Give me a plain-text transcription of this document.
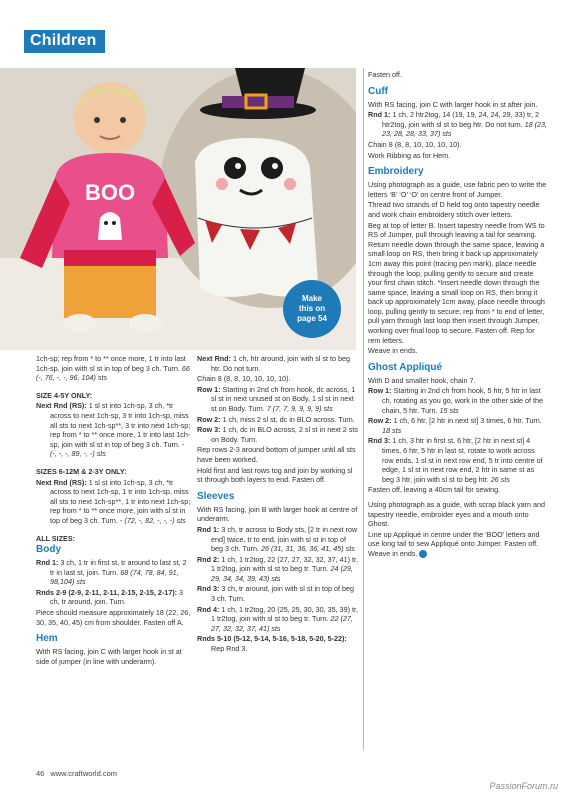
Children
BOO
Make
this on
page 54

1ch-sp; rep from * to ** once more, 1 tr into last 1ch-sp, join with sl st in top of beg 3 ch. Turn. 66 (-, 76, -, -, 96, 104) sts

SIZE 4-5Y ONLY:

Next Rnd (RS): 1 sl st into 1ch-sp, 3 ch, *tr across to next 1ch-sp, 3 tr into 1ch-sp, miss all sts to next 1ch-sp**, 3 tr into next 1ch-sp; rep from * to ** once more, 1 tr into last 1ch-sp, join with sl st in top of beg 3 ch. Turn. - (-, -, -, 89, -, -) sts

SIZES 6-12M & 2-3Y ONLY:

Next Rnd (RS): 1 sl st into 1ch-sp, 3 ch, *tr across to next 1ch-sp, 1 tr into 1ch-sp, miss all sts to next 1ch-sp**, 1 tr into next 1ch-sp; rep from * to ** once more, join with sl st in top of beg 3 ch. Turn. - (72, -, 82, -, -, -) sts

ALL SIZES:
Body

Rnd 1: 3 ch, 1 tr in first st, tr around to last st, 2 tr in last st, join. Turn. 68 (74, 78, 84, 91, 98,104) sts

Rnds 2-9 (2-9, 2-11, 2-11, 2-15, 2-15, 2-17): 3 ch, tr around, join. Turn.

Piece should measure approximately 18 (22, 26, 30, 35, 40, 45) cm from shoulder. Fasten off A.

Hem

With RS facing, join C with larger hook in st at side of jumper (in line with underarm).

Next Rnd: 1 ch, htr around, join with sl st to beg htr. Do not turn.

Chain 8 (8, 8, 10, 10, 10, 10).

Row 1: Starting in 2nd ch from hook, dc across, 1 sl st in next unused st on Body, 1 sl st in next st on Body. Turn. 7 (7, 7, 9, 9, 9, 9) sts

Row 2: 1 ch, miss 2 sl st, dc in BLO across. Turn.

Row 3: 1 ch, dc in BLO across, 2 sl st in next 2 sts on Body. Turn.

Rep rows 2-3 around bottom of jumper until all sts have been worked.

Hold first and last rows tog and join by working sl st through both layers to end. Fasten off.

Sleeves

With RS facing, join B with larger hook at centre of underarm.

Rnd 1: 3 ch, tr across to Body sts, [2 tr in next row end] twice, tr to end, join with sl st in top of beg 3 ch. Turn. 26 (31, 31, 36, 36, 41, 45) sts

Rnd 2: 1 ch, 1 tr2tog, 22 (27, 27, 32, 32, 37, 41) tr, 1 tr2tog, join with sl st to beg tr. Turn. 24 (29, 29, 34, 34, 39, 43) sts

Rnd 3: 3 ch, tr around, join with sl st in top of beg 3 ch. Turn.

Rnd 4: 1 ch, 1 tr2tog, 20 (25, 25, 30, 30, 35, 39) tr, 1 tr2tog, join with sl st to beg tr. Turn. 22 (27, 27, 32, 32, 37, 41) sts

Rnds 5-10 (5-12, 5-14, 5-16, 5-18, 5-20, 5-22): Rep Rnd 3.

Fasten off.

Cuff

With RS facing, join C with larger hook in st after join.

Rnd 1: 1 ch, 2 htr2tog, 14 (19, 19, 24, 24, 29, 33) tr, 2 htr2tog, join with sl st to beg htr. Do not turn. 18 (23, 23, 28, 28, 33, 37) sts

Chain 8 (8, 8, 10, 10, 10, 10).

Work Ribbing as for Hem.

Embroidery

Using photograph as a guide, use fabric pen to write the letters ‘B’ ‘O’ ‘O’ on centre front of Jumper.

Thread two strands of D held tog onto tapestry needle and work chain embroidery stitch over letters.

Beg at top of letter B. Insert tapestry needle from WS to RS of Jumper, pull through leaving a tail for seaming. Return needle down through the same space, leaving a small loop on RS, then bring it back up approximately 1cm away this point (tracing pen mark), place needle through the loop, pulling gently to secure and create your first chain stitch. *Insert needle down through the same space, leaving a small loop on RS, then bring it back up approximately 1cm away, place needle through loop, pulling gently to secure; rep from * to end of letter, pull yarn through last loop then insert through Jumper, working over final loop to secure. Fasten off. Rep for rem letters.

Weave in ends.

Ghost Appliqué

With D and smaller hook, chain 7.

Row 1: Starting in 2nd ch from hook, 5 htr, 5 htr in last ch, rotating as you go, work in the other side of the chain, 5 htr. Turn. 15 sts

Row 2: 1 ch, 6 htr, [2 htr in next st] 3 times, 6 htr. Turn. 18 sts

Rnd 3: 1 ch, 3 htr in first st, 6 htr, [2 htr in next st] 4 times, 6 htr, 5 htr in last st, rotate to work across row ends, 1 sl st in next row end, 5 tr into centre of edge, 1 sl st in next row end, 2 htr in same st as beg 3 htr, join with sl st to beg htr. 26 sts

Fasten off, leaving a 40cm tail for sewing.

Using photograph as a guide, with scrap black yarn and tapestry needle, embroider eyes and a mouth onto Ghost.

Line up Appliqué in centre under the ‘BOO’ letters and use long tail to sew Appliqué onto Jumper. Fasten off. Weave in ends.

46 www.craftworld.com
PassionForum.ru
